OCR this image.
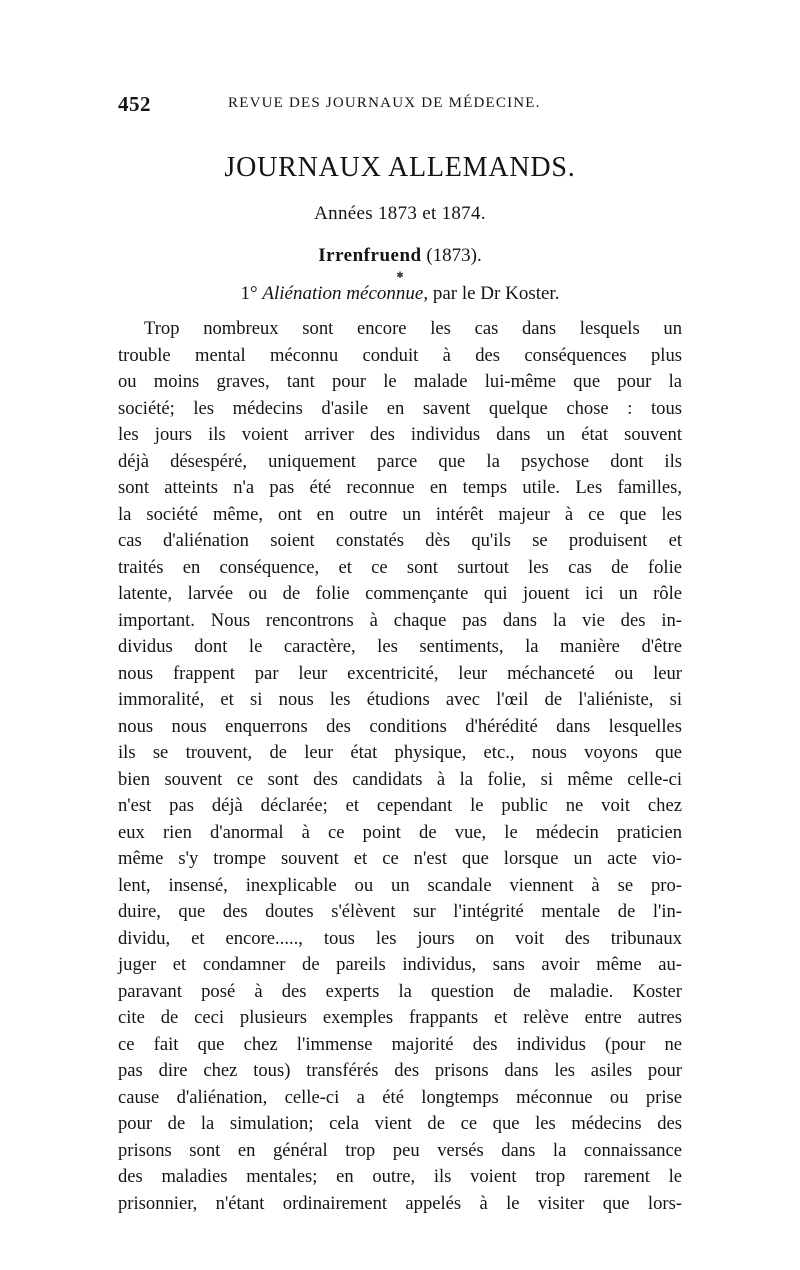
452	REVUE DES JOURNAUX DE MÉDECINE.
JOURNAUX ALLEMANDS.
Années 1873 et 1874.
Irrenfruend (1873).
✱
1° Aliénation méconnue, par le Dr Koster.
Trop nombreux sont encore les cas dans lesquels un
trouble mental méconnu conduit à des conséquences plus
ou moins graves, tant pour le malade lui-même que pour la
société; les médecins d'asile en savent quelque chose : tous
les jours ils voient arriver des individus dans un état souvent
déjà désespéré, uniquement parce que la psychose dont ils
sont atteints n'a pas été reconnue en temps utile. Les familles,
la société même, ont en outre un intérêt majeur à ce que les
cas d'aliénation soient constatés dès qu'ils se produisent et
traités en conséquence, et ce sont surtout les cas de folie
latente, larvée ou de folie commençante qui jouent ici un rôle
important. Nous rencontrons à chaque pas dans la vie des in-
dividus dont le caractère, les sentiments, la manière d'être
nous frappent par leur excentricité, leur méchanceté ou leur
immoralité, et si nous les étudions avec l'œil de l'aliéniste, si
nous nous enquerrons des conditions d'hérédité dans lesquelles
ils se trouvent, de leur état physique, etc., nous voyons que
bien souvent ce sont des candidats à la folie, si même celle-ci
n'est pas déjà déclarée; et cependant le public ne voit chez
eux rien d'anormal à ce point de vue, le médecin praticien
même s'y trompe souvent et ce n'est que lorsque un acte vio-
lent, insensé, inexplicable ou un scandale viennent à se pro-
duire, que des doutes s'élèvent sur l'intégrité mentale de l'in-
dividu, et encore....., tous les jours on voit des tribunaux
juger et condamner de pareils individus, sans avoir même au-
paravant posé à des experts la question de maladie. Koster
cite de ceci plusieurs exemples frappants et relève entre autres
ce fait que chez l'immense majorité des individus (pour ne
pas dire chez tous) transférés des prisons dans les asiles pour
cause d'aliénation, celle-ci a été longtemps méconnue ou prise
pour de la simulation; cela vient de ce que les médecins des
prisons sont en général trop peu versés dans la connaissance
des maladies mentales; en outre, ils voient trop rarement le
prisonnier, n'étant ordinairement appelés à le visiter que lors-
